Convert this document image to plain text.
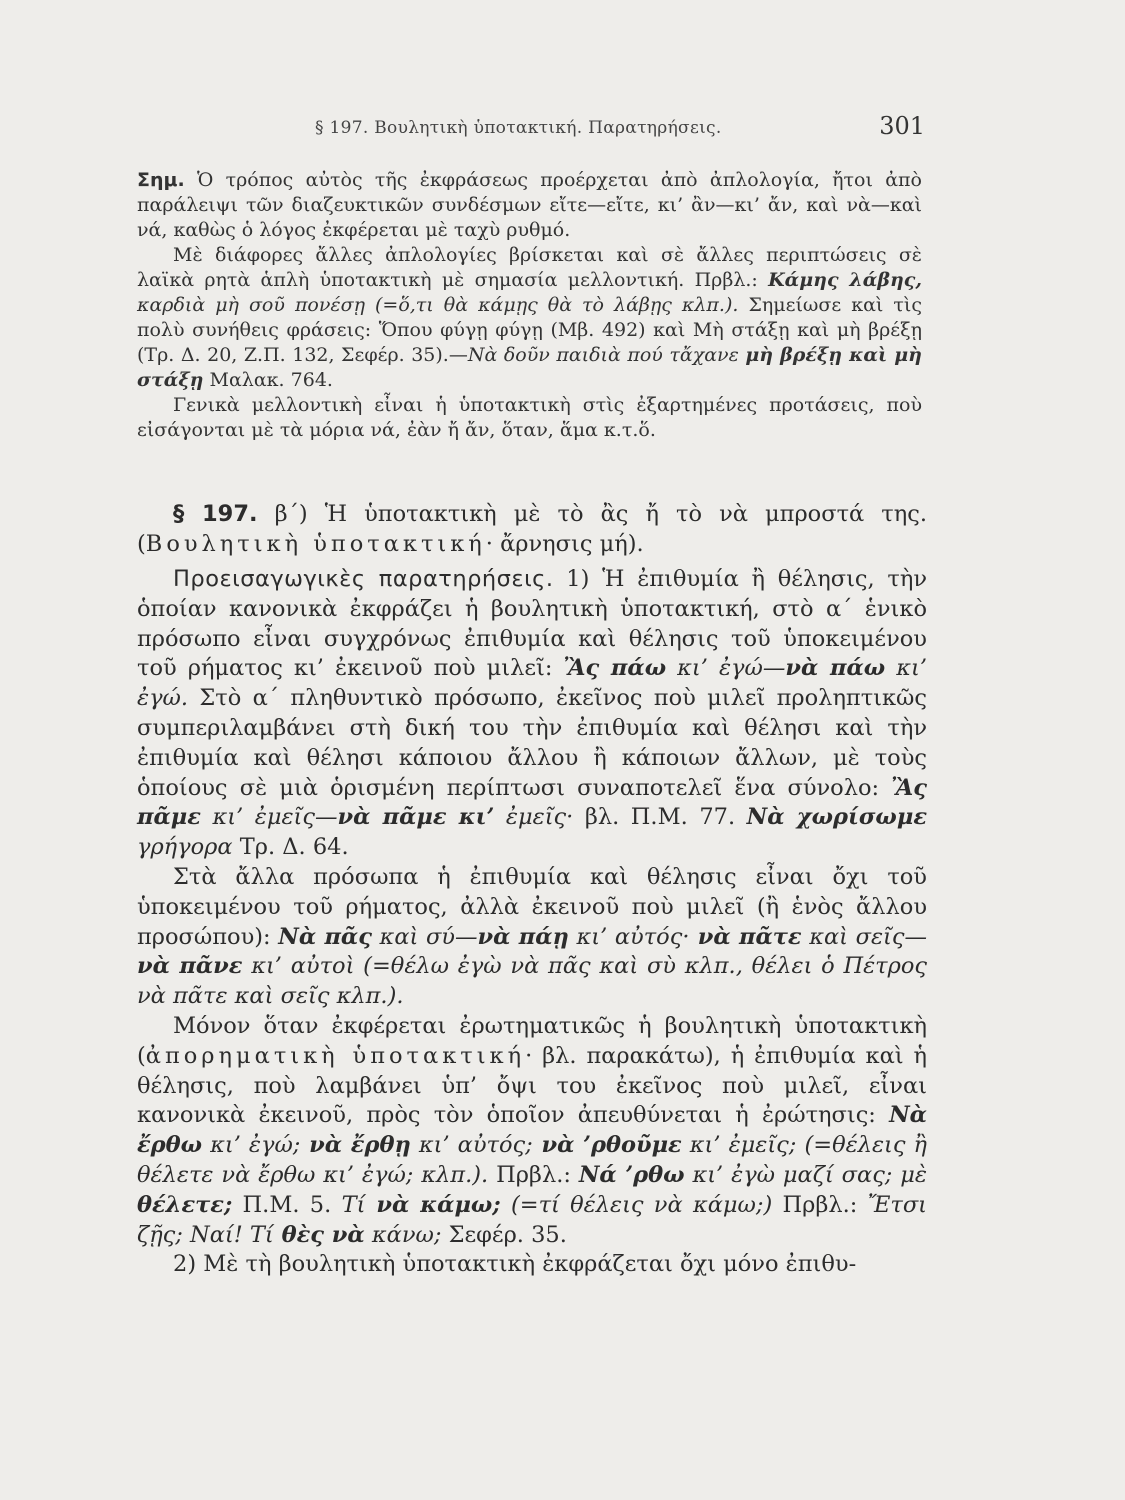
§ 197. Βουλητικὴ ὑποτακτική. Παρατηρήσεις.	301

Σημ. Ὁ τρόπος αὐτὸς τῆς ἐκφράσεως προέρχεται ἀπὸ ἀπλολογία, ἤτοι ἀπὸ παράλειψι τῶν διαζευκτικῶν συνδέσμων εἴτε—εἴτε, κι’ ἂν—κι’ ἄν, καὶ νὰ—καὶ νά, καθὼς ὁ λόγος ἐκφέρεται μὲ ταχὺ ρυθμό.

Μὲ διάφορες ἄλλες ἀπλολογίες βρίσκεται καὶ σὲ ἄλλες περιπτώσεις σὲ λαϊκὰ ρητὰ ἁπλὴ ὑποτακτικὴ μὲ σημασία μελλοντική. Πρβλ.: Κάμης λάβης, καρδιὰ μὴ σοῦ πονέσῃ (=ὅ,τι θὰ κάμῃς θὰ τὸ λάβῃς κλπ.). Σημείωσε καὶ τὶς πολὺ συνήθεις φράσεις: Ὅπου φύγῃ φύγῃ (Μβ. 492) καὶ Μὴ στάξῃ καὶ μὴ βρέξῃ (Τρ. Δ. 20, Ζ.Π. 132, Σεφέρ. 35).—Νὰ δοῦν παιδιὰ πού τἄχανε μὴ βρέξῃ καὶ μὴ στάξῃ Μαλακ. 764.

Γενικὰ μελλοντικὴ εἶναι ἡ ὑποτακτικὴ στὶς ἐξαρτημένες προτάσεις, ποὺ εἰσάγονται μὲ τὰ μόρια νά, ἐὰν ἤ ἄν, ὅταν, ἅμα κ.τ.ὅ.

§ 197. β΄) Ἡ ὑποτακτικὴ μὲ τὸ ἂς ἤ τὸ νὰ μπροστά της. (Βουλητικὴ ὑποτακτική· ἄρνησις μή).

Προεισαγωγικὲς παρατηρήσεις. 1) Ἡ ἐπιθυμία ἢ θέλησις, τὴν ὁποίαν κανονικὰ ἐκφράζει ἡ βουλητικὴ ὑποτακτική, στὸ α΄ ἑνικὸ πρόσωπο εἶναι συγχρόνως ἐπιθυμία καὶ θέλησις τοῦ ὑποκειμένου τοῦ ρήματος κι’ ἐκεινοῦ ποὺ μιλεῖ: Ἂς πάω κι’ ἐγώ—νὰ πάω κι’ ἐγώ. Στὸ α΄ πληθυντικὸ πρόσωπο, ἐκεῖνος ποὺ μιλεῖ προληπτικῶς συμπεριλαμβάνει στὴ δική του τὴν ἐπιθυμία καὶ θέλησι καὶ τὴν ἐπιθυμία καὶ θέλησι κάποιου ἄλλου ἢ κάποιων ἄλλων, μὲ τοὺς ὁποίους σὲ μιὰ ὁρισμένη περίπτωσι συναποτελεῖ ἕνα σύνολο: Ἂς πᾶμε κι’ ἐμεῖς—νὰ πᾶμε κι’ ἐμεῖς· βλ. Π.Μ. 77. Νὰ χωρίσωμε γρήγορα Τρ. Δ. 64.

Στὰ ἄλλα πρόσωπα ἡ ἐπιθυμία καὶ θέλησις εἶναι ὄχι τοῦ ὑποκειμένου τοῦ ρήματος, ἀλλὰ ἐκεινοῦ ποὺ μιλεῖ (ἢ ἑνὸς ἄλλου προσώπου): Νὰ πᾶς καὶ σύ—νὰ πάῃ κι’ αὐτός· νὰ πᾶτε καὶ σεῖς—νὰ πᾶνε κι’ αὐτοὶ (=θέλω ἐγὼ νὰ πᾶς καὶ σὺ κλπ., θέλει ὁ Πέτρος νὰ πᾶτε καὶ σεῖς κλπ.).

Μόνον ὅταν ἐκφέρεται ἐρωτηματικῶς ἡ βουλητικὴ ὑποτακτικὴ (ἀπορηματικὴ ὑποτακτική· βλ. παρακάτω), ἡ ἐπιθυμία καὶ ἡ θέλησις, ποὺ λαμβάνει ὑπ’ ὄψι του ἐκεῖνος ποὺ μιλεῖ, εἶναι κανονικὰ ἐκεινοῦ, πρὸς τὸν ὁποῖον ἀπευθύνεται ἡ ἐρώτησις: Νὰ ἔρθω κι’ ἐγώ; νὰ ἔρθῃ κι’ αὐτός; νὰ ’ρθοῦμε κι’ ἐμεῖς; (=θέλεις ἢ θέλετε νὰ ἔρθω κι’ ἐγώ; κλπ.). Πρβλ.: Νά ’ρθω κι’ ἐγὼ μαζί σας; μὲ θέλετε; Π.Μ. 5. Τί νὰ κάμω; (=τί θέλεις νὰ κάμω;) Πρβλ.: Ἔτσι ζῇς; Ναί! Τί θὲς νὰ κάνω; Σεφέρ. 35.

2) Μὲ τὴ βουλητικὴ ὑποτακτικὴ ἐκφράζεται ὄχι μόνο ἐπιθυ-
